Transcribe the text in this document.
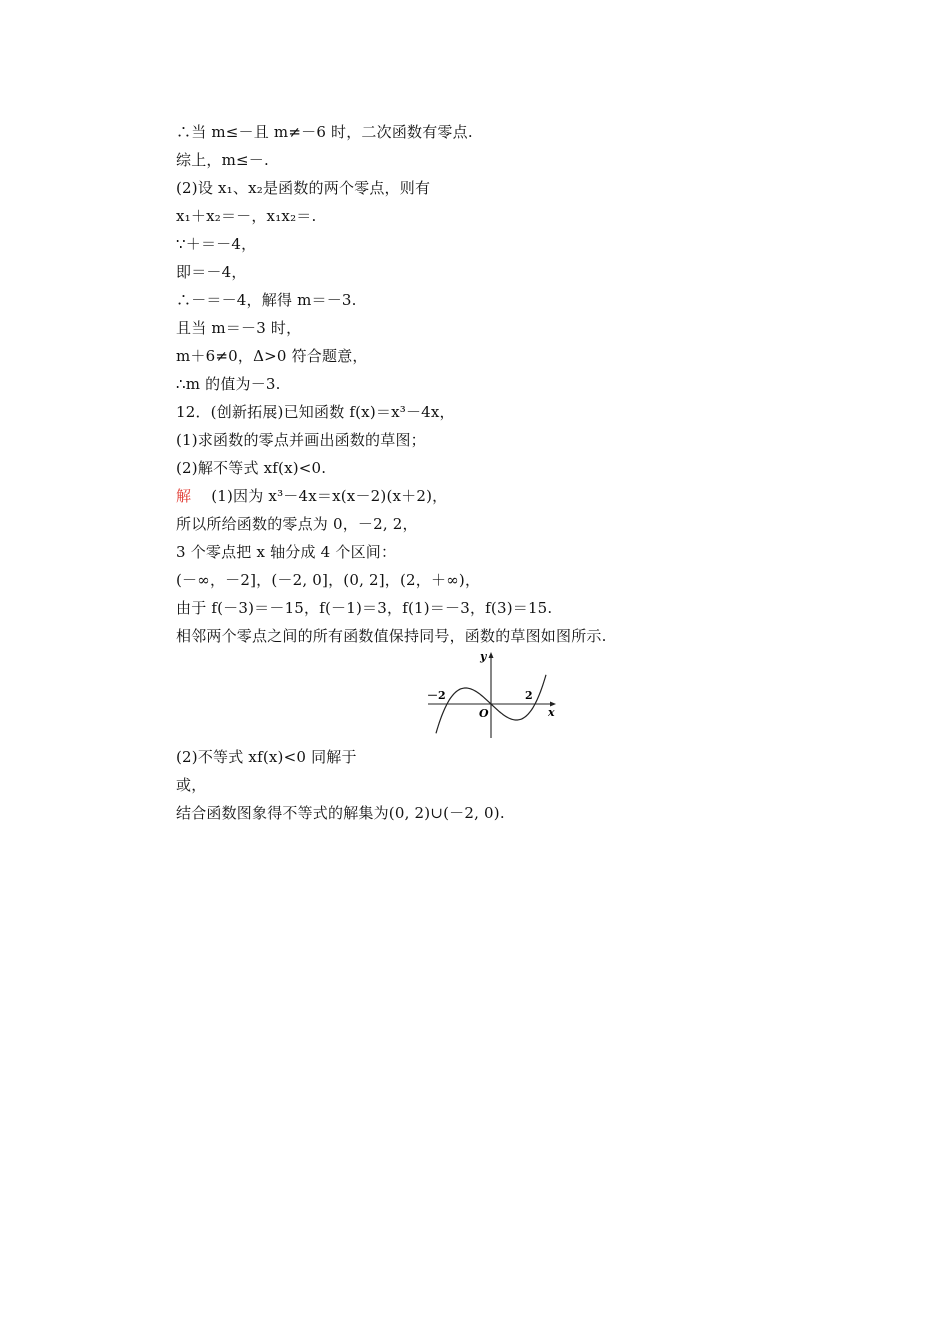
∴当 m≤－且 m≠－6 时，二次函数有零点.
综上，m≤－.
(2)设 x₁、x₂是函数的两个零点，则有
x₁＋x₂＝－，x₁x₂＝.
∵＋＝－4，
即＝－4，
∴－＝－4，解得 m＝－3.
且当 m＝－3 时，
m＋6≠0，Δ>0 符合题意，
∴m 的值为－3.
12．(创新拓展)已知函数 f(x)＝x³－4x，
(1)求函数的零点并画出函数的草图；
(2)解不等式 xf(x)<0.
解 (1)因为 x³－4x＝x(x－2)(x＋2)，
所以所给函数的零点为 0，－2, 2，
3 个零点把 x 轴分成 4 个区间：
(－∞，－2]，(－2, 0]，(0, 2]，(2，＋∞)，
由于 f(－3)＝－15，f(－1)＝3，f(1)＝－3，f(3)＝15.
相邻两个零点之间的所有函数值保持同号，函数的草图如图所示.
y
x
O
－2	2
(2)不等式 xf(x)<0 同解于
或，
结合函数图象得不等式的解集为(0, 2)∪(－2, 0).
